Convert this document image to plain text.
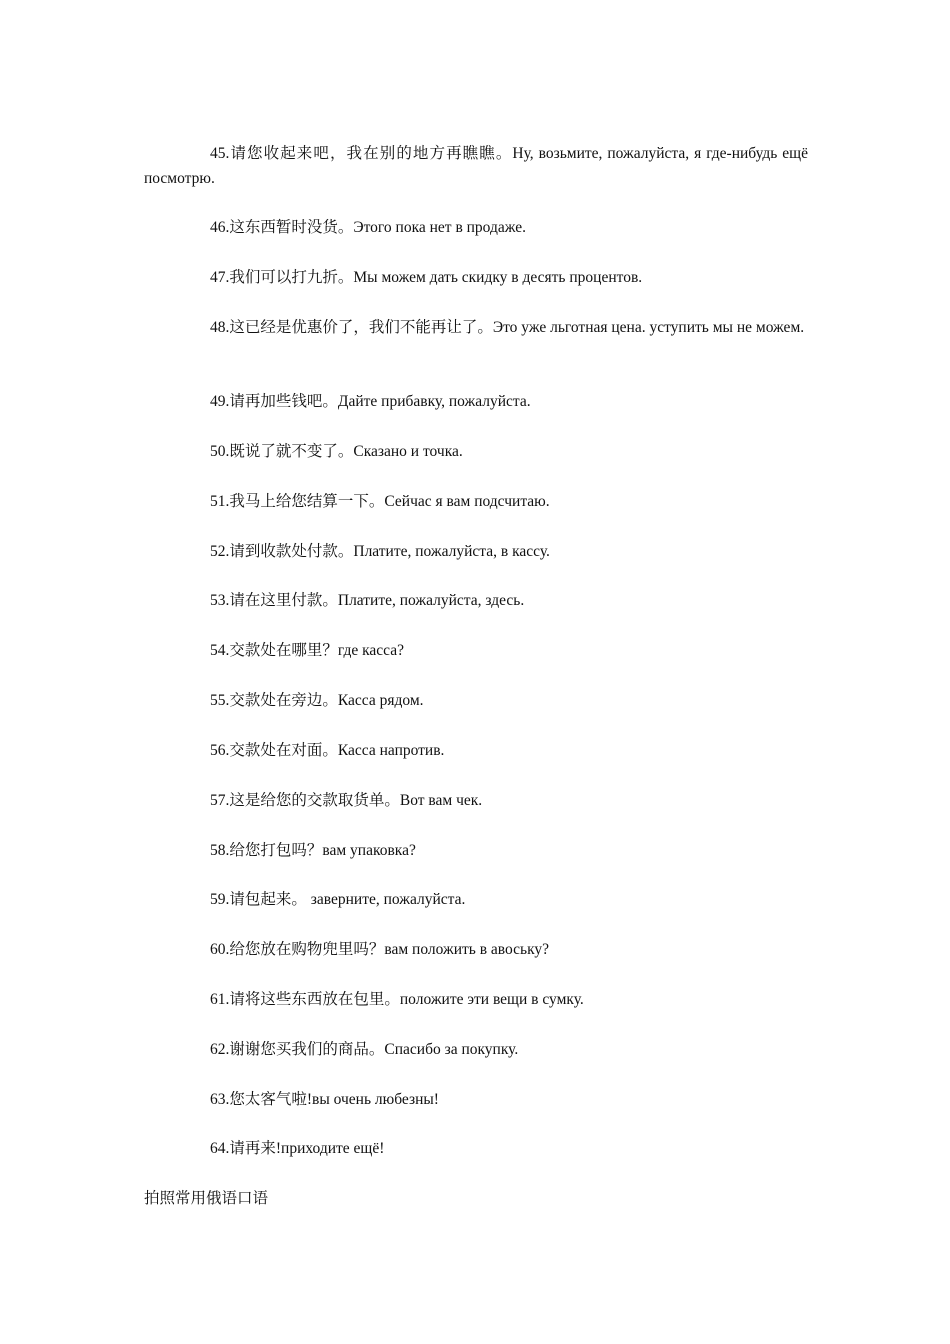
45.请您收起来吧，我在别的地方再瞧瞧。Ну, возьмите, пожалуйста, я где-нибудь ещё посмотрю.
46.这东西暂时没货。Этого пока нет в продаже.
47.我们可以打九折。Мы можем дать скидку в десять процентов.
48.这已经是优惠价了，我们不能再让了。Это уже льготная цена. уступить мы не можем.
49.请再加些钱吧。Дайте прибавку, пожалуйста.
50.既说了就不变了。Сказано и точка.
51.我马上给您结算一下。Сейчас я вам подсчитаю.
52.请到收款处付款。Платите, пожалуйста, в кассу.
53.请在这里付款。Платите, пожалуйста, здесь.
54.交款处在哪里？где касса?
55.交款处在旁边。Касса рядом.
56.交款处在对面。Касса напротив.
57.这是给您的交款取货单。Вот вам чек.
58.给您打包吗？вам упаковка?
59.请包起来。 заверните, пожалуйста.
60.给您放在购物兜里吗？вам положить в авоську?
61.请将这些东西放在包里。положите эти вещи в сумку.
62.谢谢您买我们的商品。Спасибо за покупку.
63.您太客气啦!вы очень любезны!
64.请再来!приходите ещё!
拍照常用俄语口语
